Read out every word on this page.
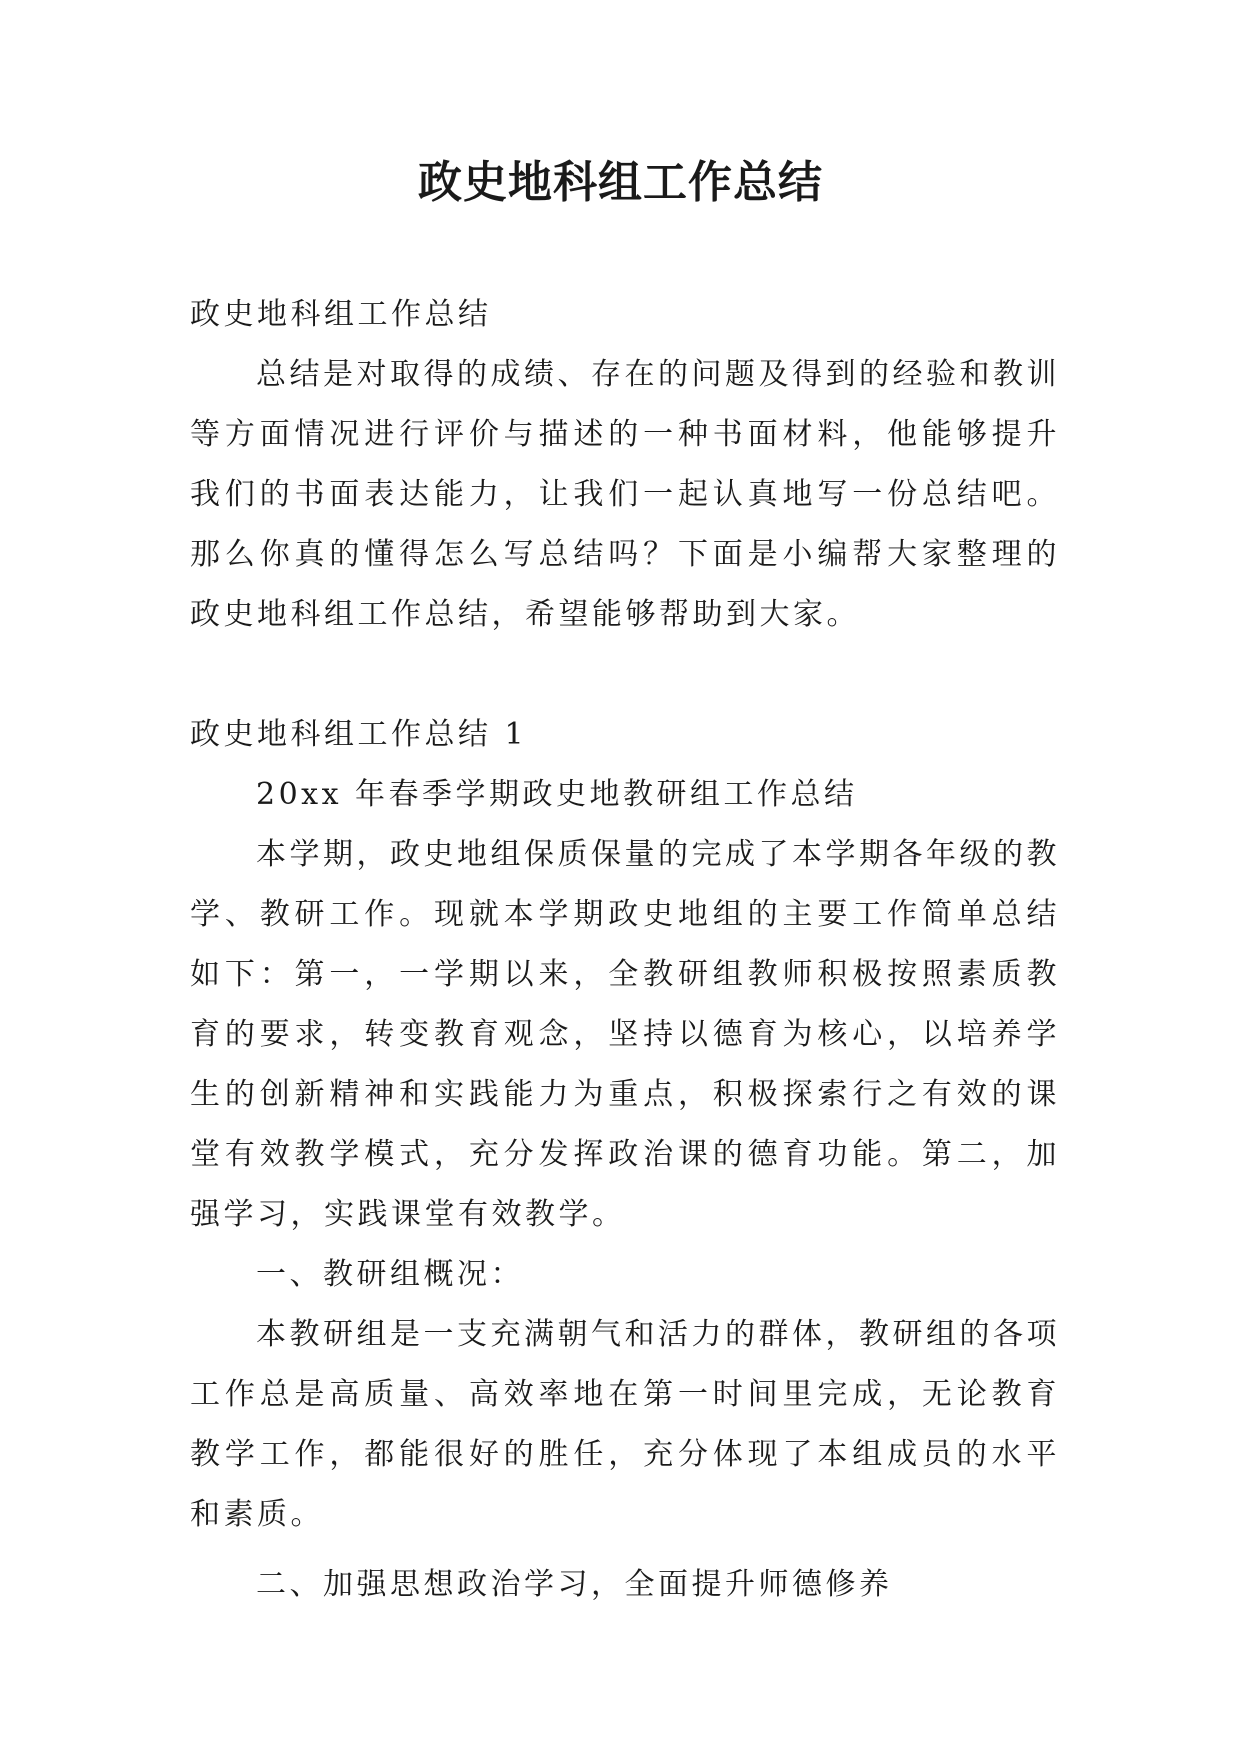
政史地科组工作总结

政史地科组工作总结

总结是对取得的成绩、存在的问题及得到的经验和教训等方面情况进行评价与描述的一种书面材料，他能够提升我们的书面表达能力，让我们一起认真地写一份总结吧。那么你真的懂得怎么写总结吗？下面是小编帮大家整理的政史地科组工作总结，希望能够帮助到大家。

政史地科组工作总结 1

20xx 年春季学期政史地教研组工作总结

本学期，政史地组保质保量的完成了本学期各年级的教学、教研工作。现就本学期政史地组的主要工作简单总结如下：第一，一学期以来，全教研组教师积极按照素质教育的要求，转变教育观念，坚持以德育为核心，以培养学生的创新精神和实践能力为重点，积极探索行之有效的课堂有效教学模式，充分发挥政治课的德育功能。第二，加强学习，实践课堂有效教学。

一、教研组概况：

本教研组是一支充满朝气和活力的群体，教研组的各项工作总是高质量、高效率地在第一时间里完成，无论教育教学工作，都能很好的胜任，充分体现了本组成员的水平和素质。

二、加强思想政治学习，全面提升师德修养
